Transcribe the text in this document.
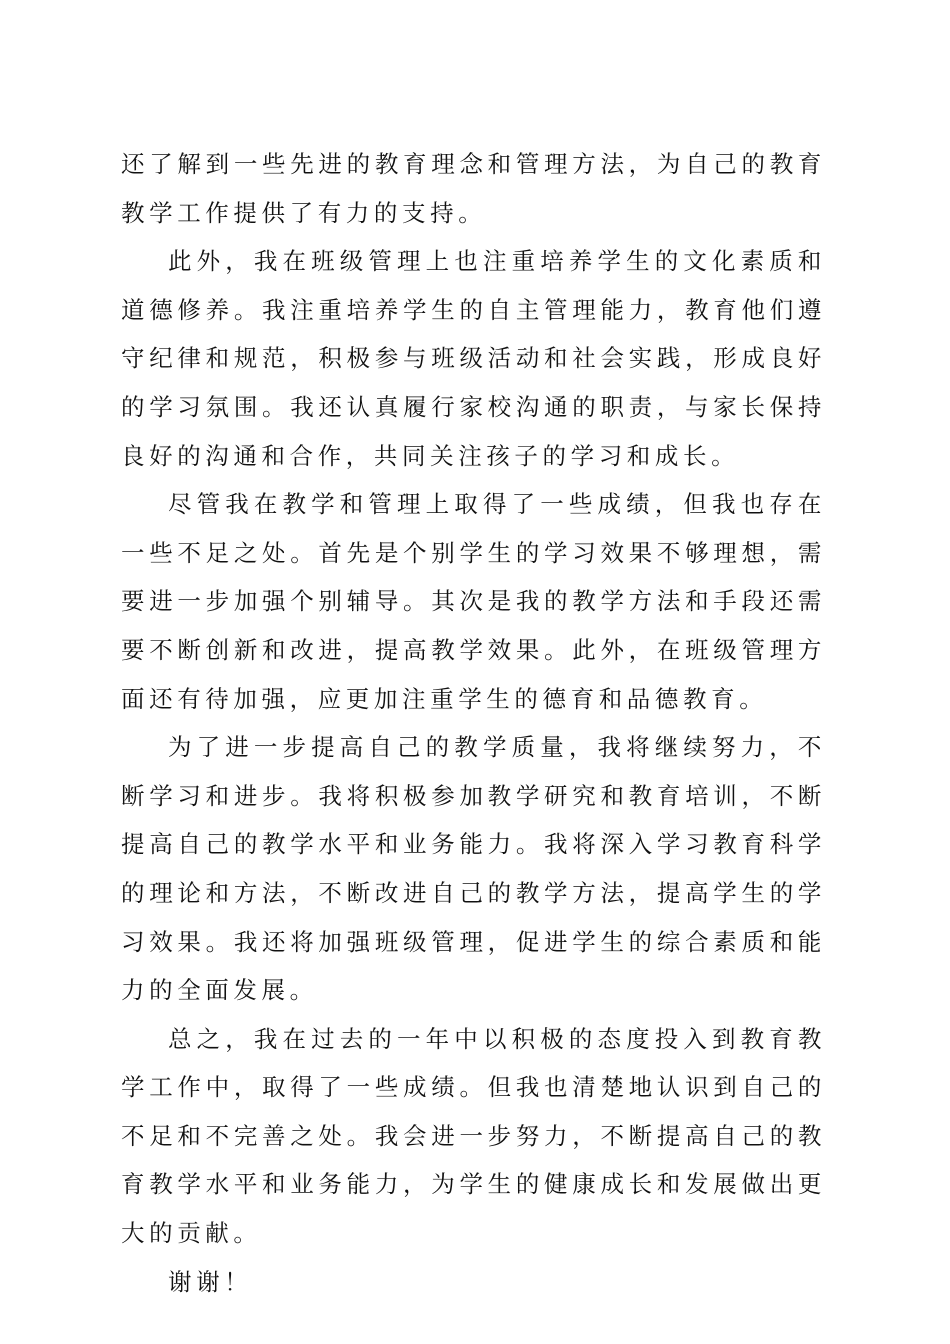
还了解到一些先进的教育理念和管理方法，为自己的教育教学工作提供了有力的支持。

此外，我在班级管理上也注重培养学生的文化素质和道德修养。我注重培养学生的自主管理能力，教育他们遵守纪律和规范，积极参与班级活动和社会实践，形成良好的学习氛围。我还认真履行家校沟通的职责，与家长保持良好的沟通和合作，共同关注孩子的学习和成长。

尽管我在教学和管理上取得了一些成绩，但我也存在一些不足之处。首先是个别学生的学习效果不够理想，需要进一步加强个别辅导。其次是我的教学方法和手段还需要不断创新和改进，提高教学效果。此外，在班级管理方面还有待加强，应更加注重学生的德育和品德教育。

为了进一步提高自己的教学质量，我将继续努力，不断学习和进步。我将积极参加教学研究和教育培训，不断提高自己的教学水平和业务能力。我将深入学习教育科学的理论和方法，不断改进自己的教学方法，提高学生的学习效果。我还将加强班级管理，促进学生的综合素质和能力的全面发展。

总之，我在过去的一年中以积极的态度投入到教育教学工作中，取得了一些成绩。但我也清楚地认识到自己的不足和不完善之处。我会进一步努力，不断提高自己的教育教学水平和业务能力，为学生的健康成长和发展做出更大的贡献。

谢谢！
